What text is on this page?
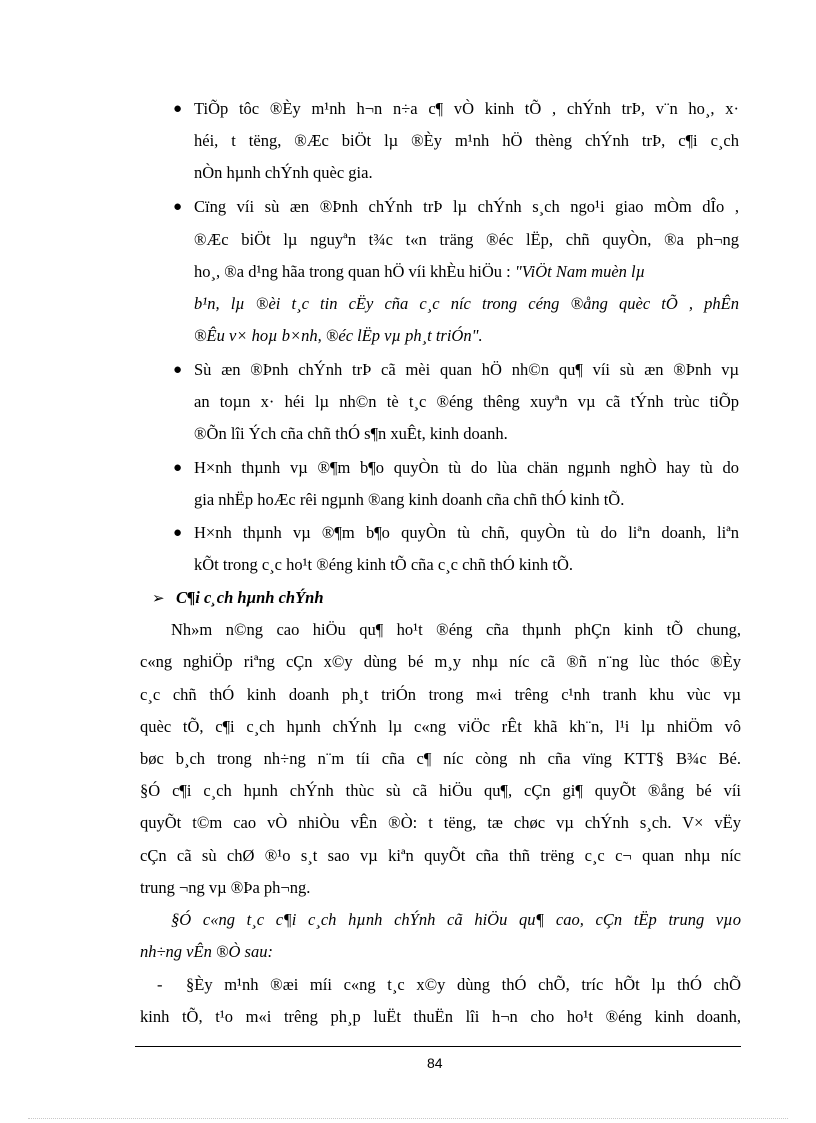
● TiÕp tôc ®Èy m¹nh h¬n n÷a c¶ vÒ kinh tÕ , chÝnh trÞ, v¨n ho¸, x·
héi, t tëng, ®Æc biÖt lµ ®Èy m¹nh hÖ thèng chÝnh trÞ, c¶i c¸ch
nÒn hµnh chÝnh quèc gia.
● Cïng víi sù æn ®Þnh chÝnh trÞ lµ chÝnh s¸ch ngo¹i giao mÒm dÎo ,
®Æc biÖt lµ nguyªn t¾c t«n träng ®éc lËp, chñ quyÒn, ®a ph¬ng
ho¸, ®a d¹ng hãa trong quan hÖ víi khÈu hiÖu : "ViÖt Nam muèn lµ
b¹n, lµ ®èi t¸c tin cËy cña c¸c níc trong céng ®ång quèc tÕ , phÊn
®Êu v× hoµ b×nh, ®éc lËp vµ ph¸t triÓn".
● Sù æn ®Þnh chÝnh trÞ cã mèi quan hÖ nh©n qu¶ víi sù æn ®Þnh vµ
an toµn x· héi lµ nh©n tè t¸c ®éng thêng xuyªn vµ cã tÝnh trùc tiÕp
®Õn lîi Ých cña chñ thÓ s¶n xuÊt, kinh doanh.
● H×nh thµnh vµ ®¶m b¶o quyÒn tù do lùa chän ngµnh nghÒ hay tù do
gia nhËp hoÆc rêi ngµnh ®ang kinh doanh cña chñ thÓ kinh tÕ.
● H×nh thµnh vµ ®¶m b¶o quyÒn tù chñ, quyÒn tù do liªn doanh, liªn
kÕt trong c¸c ho¹t ®éng kinh tÕ cña c¸c chñ thÓ kinh tÕ.
➢ C¶i c¸ch hµnh chÝnh
Nh»m n©ng cao hiÖu qu¶ ho¹t ®éng cña thµnh phÇn kinh tÕ chung,
c«ng nghiÖp riªng cÇn x©y dùng bé m¸y nhµ níc cã ®ñ n¨ng lùc thóc ®Èy
c¸c chñ thÓ kinh doanh ph¸t triÓn trong m«i trêng c¹nh tranh khu vùc vµ
quèc tÕ, c¶i c¸ch hµnh chÝnh lµ c«ng viÖc rÊt khã kh¨n, l¹i lµ nhiÖm vô
bøc b¸ch trong nh÷ng n¨m tíi cña c¶ níc còng nh cña vïng KTT§ B¾c Bé.
§Ó c¶i c¸ch hµnh chÝnh thùc sù cã hiÖu qu¶, cÇn gi¶ quyÕt ®ång bé víi
quyÕt t©m cao vÒ nhiÒu vÊn ®Ò: t tëng, tæ chøc vµ chÝnh s¸ch. V× vËy
cÇn cã sù chØ ®¹o s¸t sao vµ kiªn quyÕt cña thñ trëng c¸c c¬ quan nhµ níc
trung ¬ng vµ ®Þa ph¬ng.
§Ó c«ng t¸c c¶i c¸ch hµnh chÝnh cã hiÖu qu¶ cao, cÇn tËp trung vµo
nh÷ng vÊn ®Ò sau:
- §Èy m¹nh ®æi míi c«ng t¸c x©y dùng thÓ chÕ, tríc hÕt lµ thÓ chÕ
kinh tÕ, t¹o m«i trêng ph¸p luËt thuËn lîi h¬n cho ho¹t ®éng kinh doanh,
84
